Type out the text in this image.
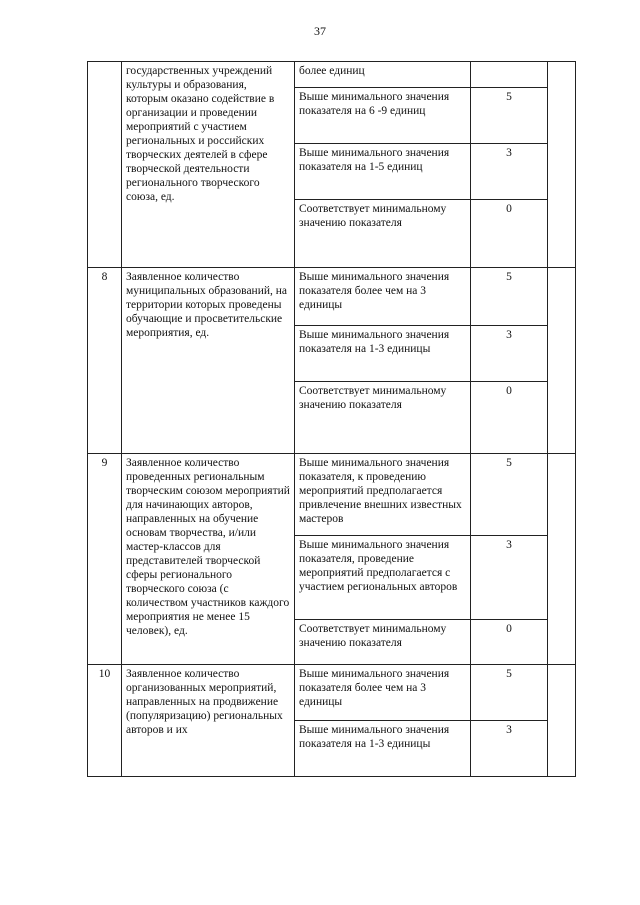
37
	государственных учреждений культуры и образования, которым оказано содействие в организации и проведении мероприятий с участием региональных и российских творческих деятелей в сфере творческой деятельности регионального творческого союза, ед.	более единиц		
		Выше минимального значения показателя на 6 -9 единиц	5	
		Выше минимального значения показателя на 1-5 единиц	3	
		Соответствует минимальному значению показателя	0	
8	Заявленное количество муниципальных образований, на территории которых проведены обучающие и просветительские мероприятия, ед.	Выше минимального значения показателя более чем на 3 единицы	5	
		Выше минимального значения показателя на 1-3 единицы	3	
		Соответствует минимальному значению показателя	0	
9	Заявленное количество проведенных региональным творческим союзом мероприятий для начинающих авторов, направленных на обучение основам творчества, и/или мастер-классов для представителей творческой сферы регионального творческого союза (с количеством участников каждого мероприятия не менее 15 человек), ед.	Выше минимального значения показателя, к проведению мероприятий предполагается привлечение внешних известных мастеров	5	
		Выше минимального значения показателя, проведение мероприятий предполагается с участием региональных авторов	3	
		Соответствует минимальному значению показателя	0	
10	Заявленное количество организованных мероприятий, направленных на продвижение (популяризацию) региональных авторов и их	Выше минимального значения показателя более чем на 3 единицы	5	
		Выше минимального значения показателя на 1-3 единицы	3	
